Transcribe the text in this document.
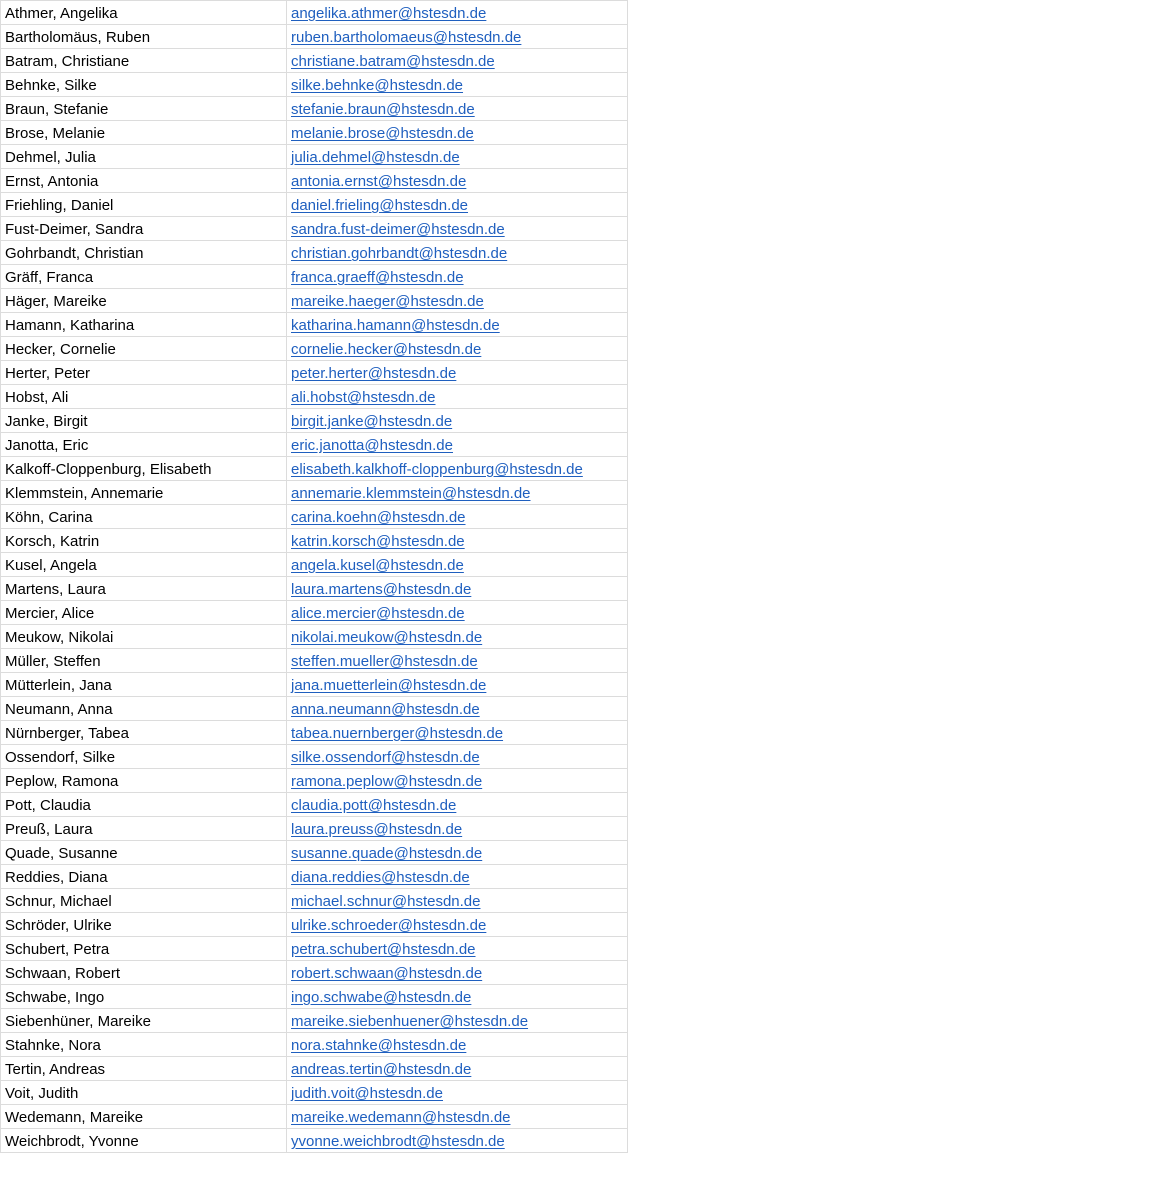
Athmer, Angelika	angelika.athmer@hstesdn.de
Bartholomäus, Ruben	ruben.bartholomaeus@hstesdn.de
Batram, Christiane	christiane.batram@hstesdn.de
Behnke, Silke	silke.behnke@hstesdn.de
Braun, Stefanie	stefanie.braun@hstesdn.de
Brose, Melanie	melanie.brose@hstesdn.de
Dehmel, Julia	julia.dehmel@hstesdn.de
Ernst, Antonia	antonia.ernst@hstesdn.de
Friehling, Daniel	daniel.frieling@hstesdn.de
Fust-Deimer, Sandra	sandra.fust-deimer@hstesdn.de
Gohrbandt, Christian	christian.gohrbandt@hstesdn.de
Gräff, Franca	franca.graeff@hstesdn.de
Häger, Mareike	mareike.haeger@hstesdn.de
Hamann, Katharina	katharina.hamann@hstesdn.de
Hecker, Cornelie	cornelie.hecker@hstesdn.de
Herter, Peter	peter.herter@hstesdn.de
Hobst, Ali	ali.hobst@hstesdn.de
Janke, Birgit	birgit.janke@hstesdn.de
Janotta, Eric	eric.janotta@hstesdn.de
Kalkoff-Cloppenburg, Elisabeth	elisabeth.kalkhoff-cloppenburg@hstesdn.de
Klemmstein, Annemarie	annemarie.klemmstein@hstesdn.de
Köhn, Carina	carina.koehn@hstesdn.de
Korsch, Katrin	katrin.korsch@hstesdn.de
Kusel, Angela	angela.kusel@hstesdn.de
Martens, Laura	laura.martens@hstesdn.de
Mercier, Alice	alice.mercier@hstesdn.de
Meukow, Nikolai	nikolai.meukow@hstesdn.de
Müller, Steffen	steffen.mueller@hstesdn.de
Mütterlein, Jana	jana.muetterlein@hstesdn.de
Neumann, Anna	anna.neumann@hstesdn.de
Nürnberger, Tabea	tabea.nuernberger@hstesdn.de
Ossendorf, Silke	silke.ossendorf@hstesdn.de
Peplow, Ramona	ramona.peplow@hstesdn.de
Pott, Claudia	claudia.pott@hstesdn.de
Preuß, Laura	laura.preuss@hstesdn.de
Quade, Susanne	susanne.quade@hstesdn.de
Reddies, Diana	diana.reddies@hstesdn.de
Schnur, Michael	michael.schnur@hstesdn.de
Schröder, Ulrike	ulrike.schroeder@hstesdn.de
Schubert, Petra	petra.schubert@hstesdn.de
Schwaan, Robert	robert.schwaan@hstesdn.de
Schwabe, Ingo	ingo.schwabe@hstesdn.de
Siebenhüner, Mareike	mareike.siebenhuener@hstesdn.de
Stahnke, Nora	nora.stahnke@hstesdn.de
Tertin, Andreas	andreas.tertin@hstesdn.de
Voit, Judith	judith.voit@hstesdn.de
Wedemann, Mareike	mareike.wedemann@hstesdn.de
Weichbrodt, Yvonne	yvonne.weichbrodt@hstesdn.de
